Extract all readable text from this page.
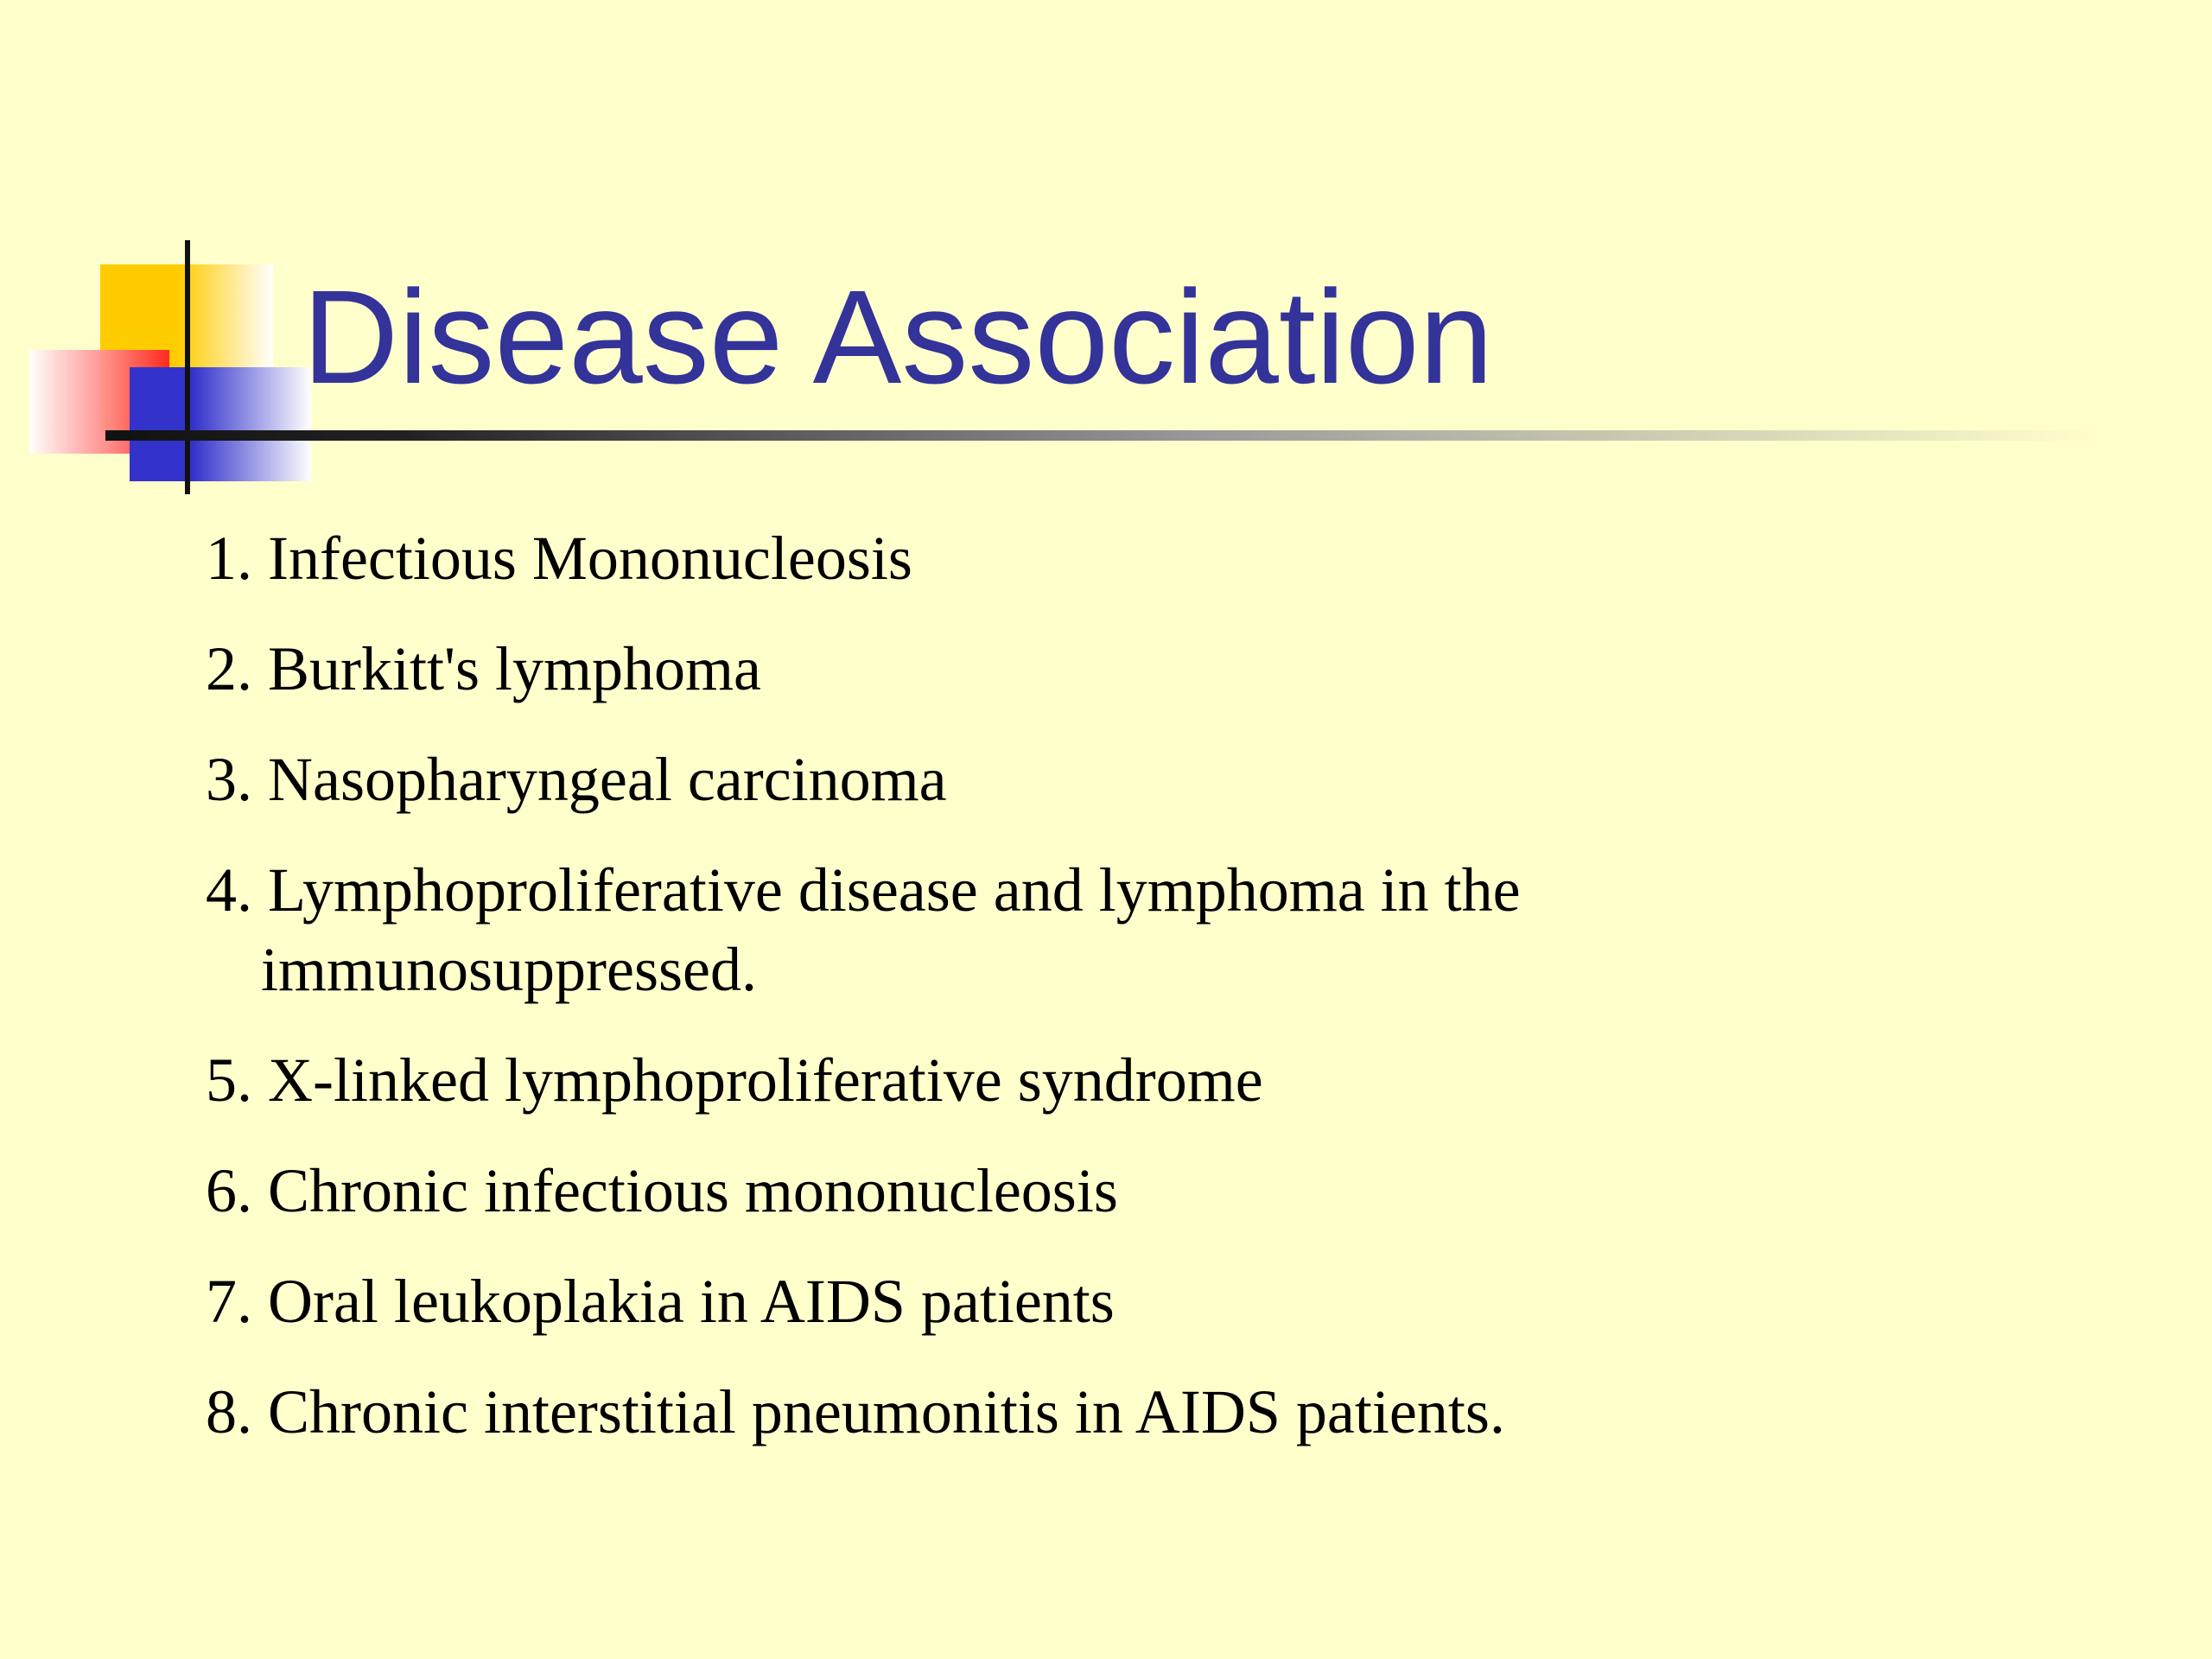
Disease Association
1. Infectious Mononucleosis
2. Burkitt's lymphoma
3. Nasopharyngeal carcinoma
4. Lymphoproliferative disease and lymphoma in the immunosuppressed.
5. X-linked lymphoproliferative syndrome
6. Chronic infectious mononucleosis
7. Oral leukoplakia in AIDS patients
8. Chronic interstitial pneumonitis in AIDS patients.
